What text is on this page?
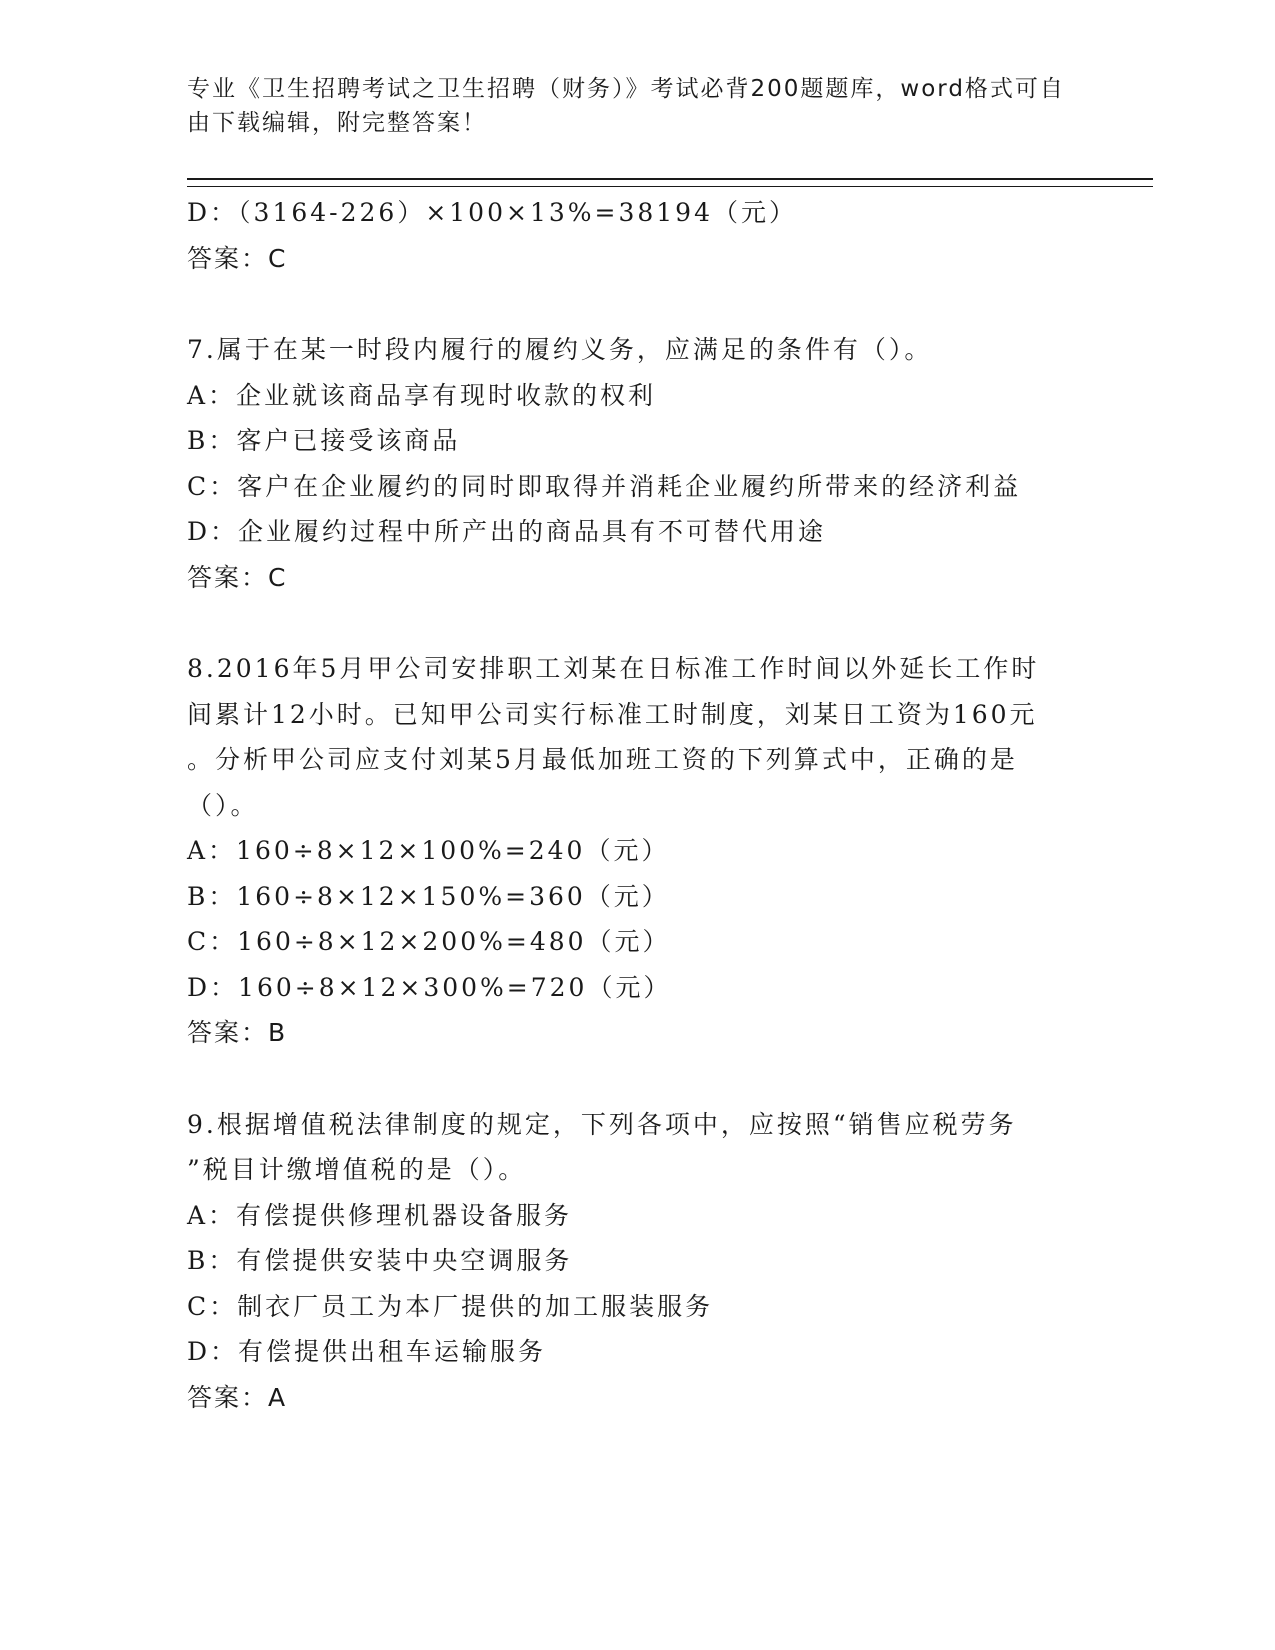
专业《卫生招聘考试之卫生招聘（财务）》考试必背200题题库，word格式可自
由下载编辑，附完整答案！
D：（3164-226）×100×13%=38194（元）
答案：C
7.属于在某一时段内履行的履约义务，应满足的条件有（）。
A：企业就该商品享有现时收款的权利
B：客户已接受该商品
C：客户在企业履约的同时即取得并消耗企业履约所带来的经济利益
D：企业履约过程中所产出的商品具有不可替代用途
答案：C
8.2016年5月甲公司安排职工刘某在日标准工作时间以外延长工作时
间累计12小时。已知甲公司实行标准工时制度，刘某日工资为160元
。分析甲公司应支付刘某5月最低加班工资的下列算式中，正确的是
（）。
A：160÷8×12×100%=240（元）
B：160÷8×12×150%=360（元）
C：160÷8×12×200%=480（元）
D：160÷8×12×300%=720（元）
答案：B
9.根据增值税法律制度的规定，下列各项中，应按照“销售应税劳务
”税目计缴增值税的是（）。
A：有偿提供修理机器设备服务
B：有偿提供安装中央空调服务
C：制衣厂员工为本厂提供的加工服装服务
D：有偿提供出租车运输服务
答案：A
